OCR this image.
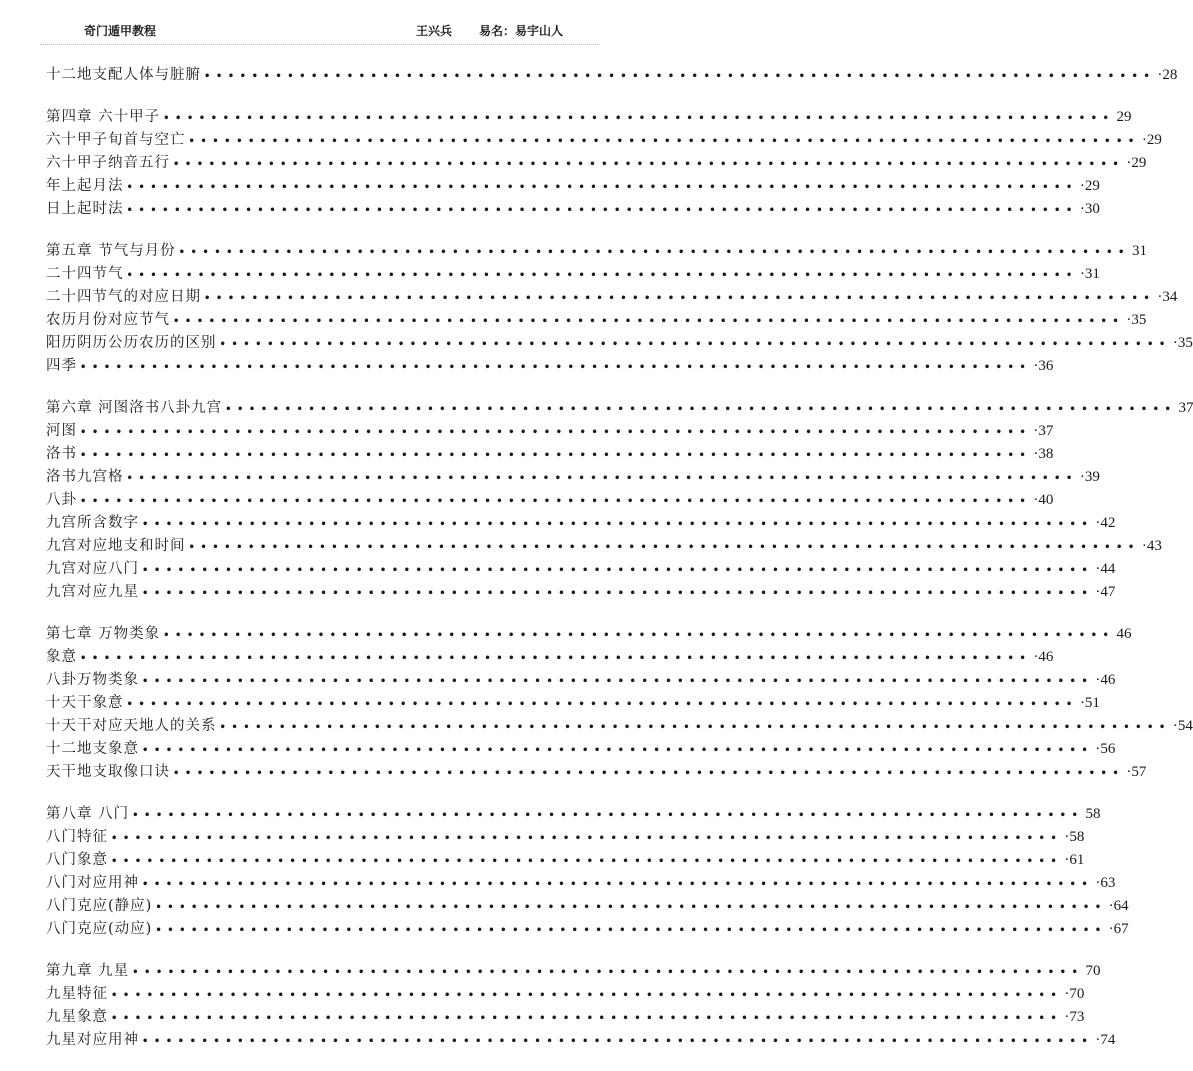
奇门遁甲教程	王兴兵 易名：易宇山人
十二地支配人体与脏腑 •••••••••••••••••••••••••••••••••••••••••••••••••••••••••••••••••••••••••••••••• ·28
第四章 六十甲子 •••••••••••••••••••••••••••••••••••••••••••••••••••••••••••••••••••••••••••••••• 29
六十甲子旬首与空亡 •••••••••••••••••••••••••••••••••••••••••••••••••••••••••••••••••••••••••••••••• ·29
六十甲子纳音五行 •••••••••••••••••••••••••••••••••••••••••••••••••••••••••••••••••••••••••••••••• ·29
年上起月法 •••••••••••••••••••••••••••••••••••••••••••••••••••••••••••••••••••••••••••••••• ·29
日上起时法 •••••••••••••••••••••••••••••••••••••••••••••••••••••••••••••••••••••••••••••••• ·30
第五章 节气与月份 •••••••••••••••••••••••••••••••••••••••••••••••••••••••••••••••••••••••••••••••• 31
二十四节气 •••••••••••••••••••••••••••••••••••••••••••••••••••••••••••••••••••••••••••••••• ·31
二十四节气的对应日期 •••••••••••••••••••••••••••••••••••••••••••••••••••••••••••••••••••••••••••••••• ·34
农历月份对应节气 •••••••••••••••••••••••••••••••••••••••••••••••••••••••••••••••••••••••••••••••• ·35
阳历阴历公历农历的区别 •••••••••••••••••••••••••••••••••••••••••••••••••••••••••••••••••••••••••••••••• ·35
四季 •••••••••••••••••••••••••••••••••••••••••••••••••••••••••••••••••••••••••••••••• ·36
第六章 河图洛书八卦九宫 •••••••••••••••••••••••••••••••••••••••••••••••••••••••••••••••••••••••••••••••• 37
河图 •••••••••••••••••••••••••••••••••••••••••••••••••••••••••••••••••••••••••••••••• ·37
洛书 •••••••••••••••••••••••••••••••••••••••••••••••••••••••••••••••••••••••••••••••• ·38
洛书九宫格 •••••••••••••••••••••••••••••••••••••••••••••••••••••••••••••••••••••••••••••••• ·39
八卦 •••••••••••••••••••••••••••••••••••••••••••••••••••••••••••••••••••••••••••••••• ·40
九宫所含数字 •••••••••••••••••••••••••••••••••••••••••••••••••••••••••••••••••••••••••••••••• ·42
九宫对应地支和时间 •••••••••••••••••••••••••••••••••••••••••••••••••••••••••••••••••••••••••••••••• ·43
九宫对应八门 •••••••••••••••••••••••••••••••••••••••••••••••••••••••••••••••••••••••••••••••• ·44
九宫对应九星 •••••••••••••••••••••••••••••••••••••••••••••••••••••••••••••••••••••••••••••••• ·47
第七章 万物类象 •••••••••••••••••••••••••••••••••••••••••••••••••••••••••••••••••••••••••••••••• 46
象意 •••••••••••••••••••••••••••••••••••••••••••••••••••••••••••••••••••••••••••••••• ·46
八卦万物类象 •••••••••••••••••••••••••••••••••••••••••••••••••••••••••••••••••••••••••••••••• ·46
十天干象意 •••••••••••••••••••••••••••••••••••••••••••••••••••••••••••••••••••••••••••••••• ·51
十天干对应天地人的关系 •••••••••••••••••••••••••••••••••••••••••••••••••••••••••••••••••••••••••••••••• ·54
十二地支象意 •••••••••••••••••••••••••••••••••••••••••••••••••••••••••••••••••••••••••••••••• ·56
天干地支取像口诀 •••••••••••••••••••••••••••••••••••••••••••••••••••••••••••••••••••••••••••••••• ·57
第八章 八门 •••••••••••••••••••••••••••••••••••••••••••••••••••••••••••••••••••••••••••••••• 58
八门特征 •••••••••••••••••••••••••••••••••••••••••••••••••••••••••••••••••••••••••••••••• ·58
八门象意 •••••••••••••••••••••••••••••••••••••••••••••••••••••••••••••••••••••••••••••••• ·61
八门对应用神 •••••••••••••••••••••••••••••••••••••••••••••••••••••••••••••••••••••••••••••••• ·63
八门克应(静应) •••••••••••••••••••••••••••••••••••••••••••••••••••••••••••••••••••••••••••••••• ·64
八门克应(动应) •••••••••••••••••••••••••••••••••••••••••••••••••••••••••••••••••••••••••••••••• ·67
第九章 九星 •••••••••••••••••••••••••••••••••••••••••••••••••••••••••••••••••••••••••••••••• 70
九星特征 •••••••••••••••••••••••••••••••••••••••••••••••••••••••••••••••••••••••••••••••• ·70
九星象意 •••••••••••••••••••••••••••••••••••••••••••••••••••••••••••••••••••••••••••••••• ·73
九星对应用神 •••••••••••••••••••••••••••••••••••••••••••••••••••••••••••••••••••••••••••••••• ·74
